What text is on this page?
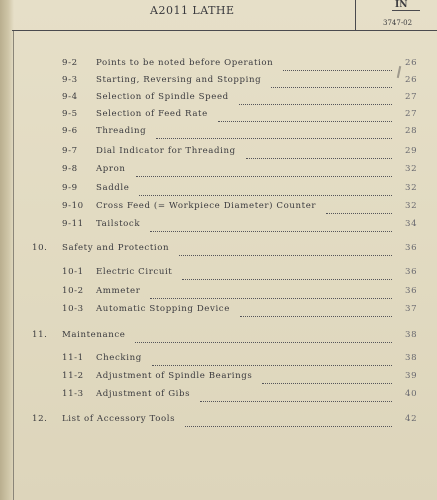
A2011 LATHE	IN
3747-02
9-2 Points to be noted before Operation	26
9-3 Starting, Reversing and Stopping	26
9-4 Selection of Spindle Speed	27
9-5 Selection of Feed Rate	27
9-6 Threading	28
9-7 Dial Indicator for Threading	29
9-8 Apron	32
9-9 Saddle	32
9-10 Cross Feed (= Workpiece Diameter) Counter	32
9-11 Tailstock	34
10. Safety and Protection	36
10-1 Electric Circuit	36
10-2 Ammeter	36
10-3 Automatic Stopping Device	37
11. Maintenance	38
11-1 Checking	38
11-2 Adjustment of Spindle Bearings	39
11-3 Adjustment of Gibs	40
12. List of Accessory Tools	42
